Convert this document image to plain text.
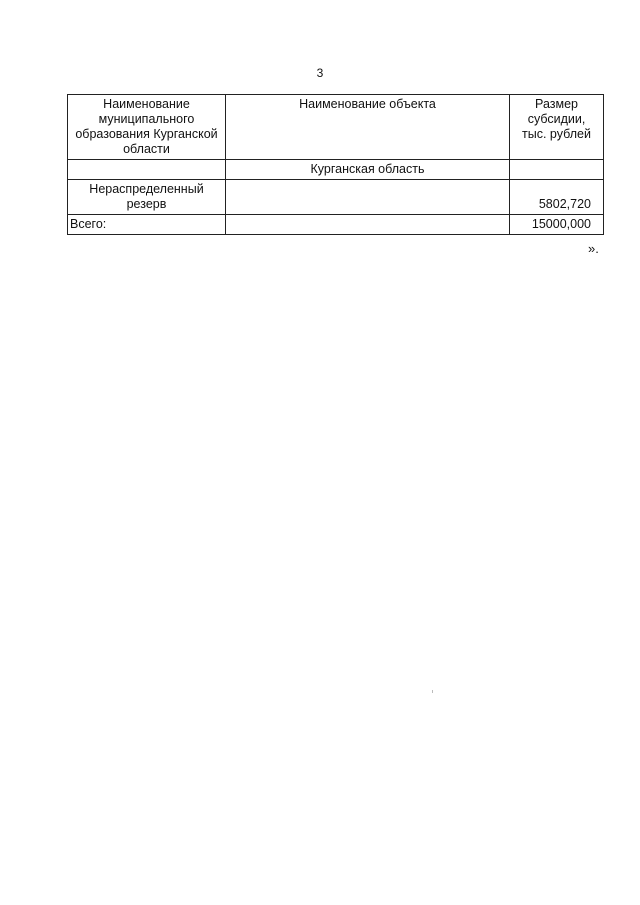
3
Наименование муниципального образования Курганской области	Наименование объекта	Размер субсидии, тыс. рублей
	Курганская область	
Нераспределенный резерв		5802,720
Всего:		15000,000
».
